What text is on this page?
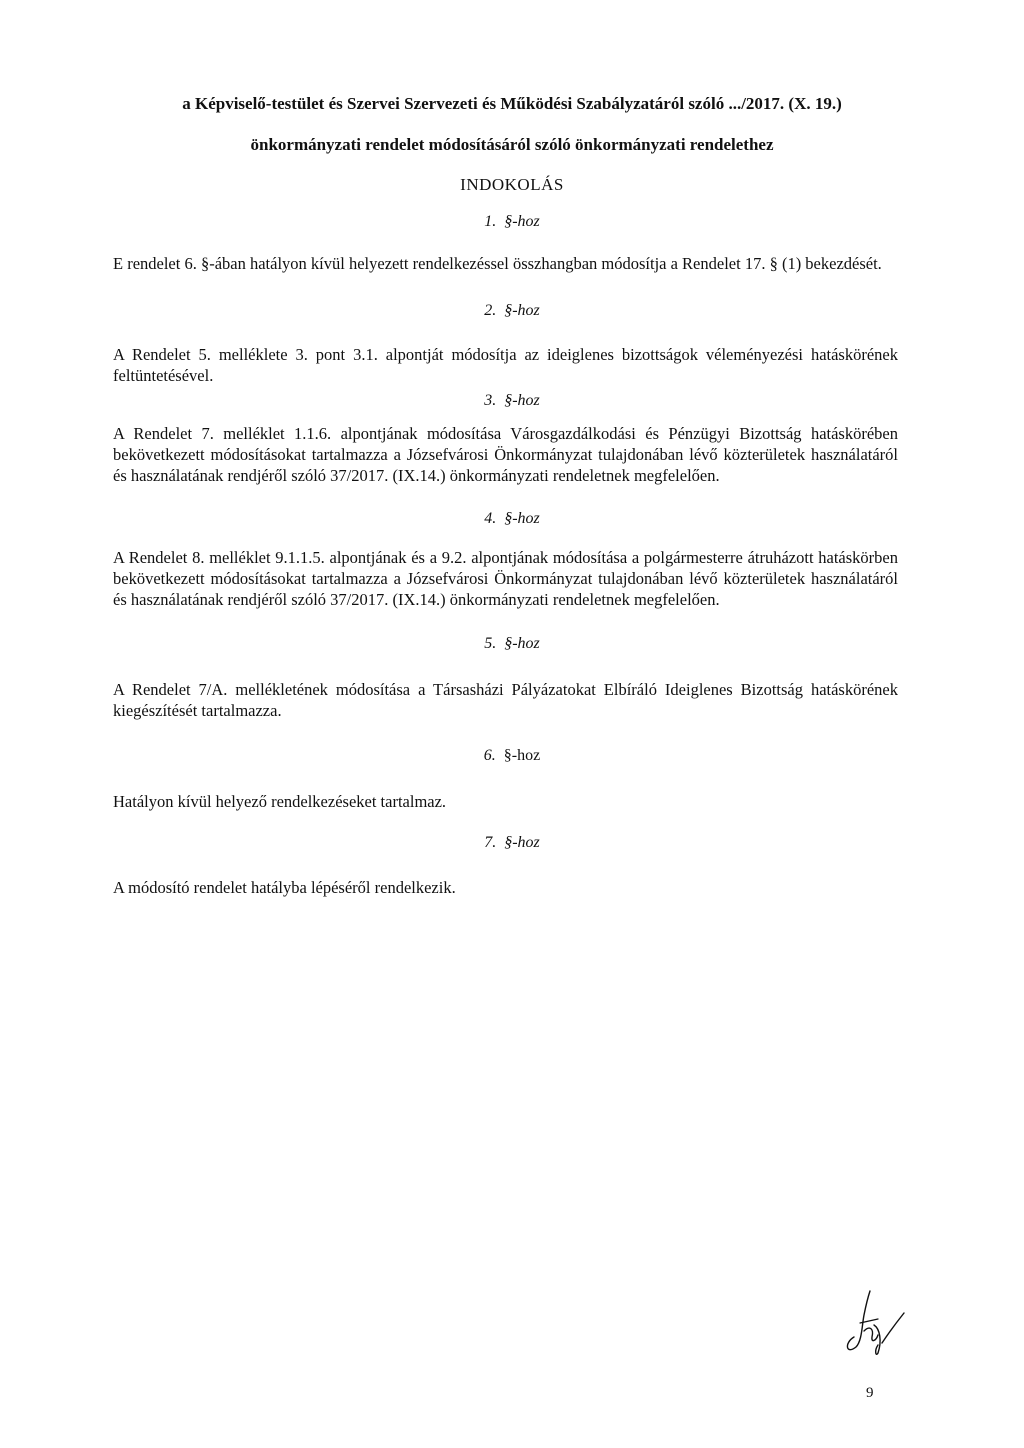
a Képviselő-testület és Szervei Szervezeti és Működési Szabályzatáról szóló .../2017. (X. 19.)
önkormányzati rendelet módosításáról szóló önkormányzati rendelethez
INDOKOLÁS
1. §-hoz
E rendelet 6. §-ában hatályon kívül helyezett rendelkezéssel összhangban módosítja a Rendelet 17. § (1) bekezdését.
2. §-hoz
A Rendelet 5. melléklete 3. pont 3.1. alpontját módosítja az ideiglenes bizottságok véleményezési hatáskörének feltüntetésével.
3. §-hoz
A Rendelet 7. melléklet 1.1.6. alpontjának módosítása Városgazdálkodási és Pénzügyi Bizottság hatáskörében bekövetkezett módosításokat tartalmazza a Józsefvárosi Önkormányzat tulajdonában lévő közterületek használatáról és használatának rendjéről szóló 37/2017. (IX.14.) önkormányzati rendeletnek megfelelően.
4. §-hoz
A Rendelet 8. melléklet 9.1.1.5. alpontjának és a 9.2. alpontjának módosítása a polgármesterre átruházott hatáskörben bekövetkezett módosításokat tartalmazza a Józsefvárosi Önkormányzat tulajdonában lévő közterületek használatáról és használatának rendjéről szóló 37/2017. (IX.14.) önkormányzati rendeletnek megfelelően.
5. §-hoz
A Rendelet 7/A. mellékletének módosítása a Társasházi Pályázatokat Elbíráló Ideiglenes Bizottság hatáskörének kiegészítését tartalmazza.
6. §-hoz
Hatályon kívül helyező rendelkezéseket tartalmaz.
7. §-hoz
A módosító rendelet hatályba lépéséről rendelkezik.
9
